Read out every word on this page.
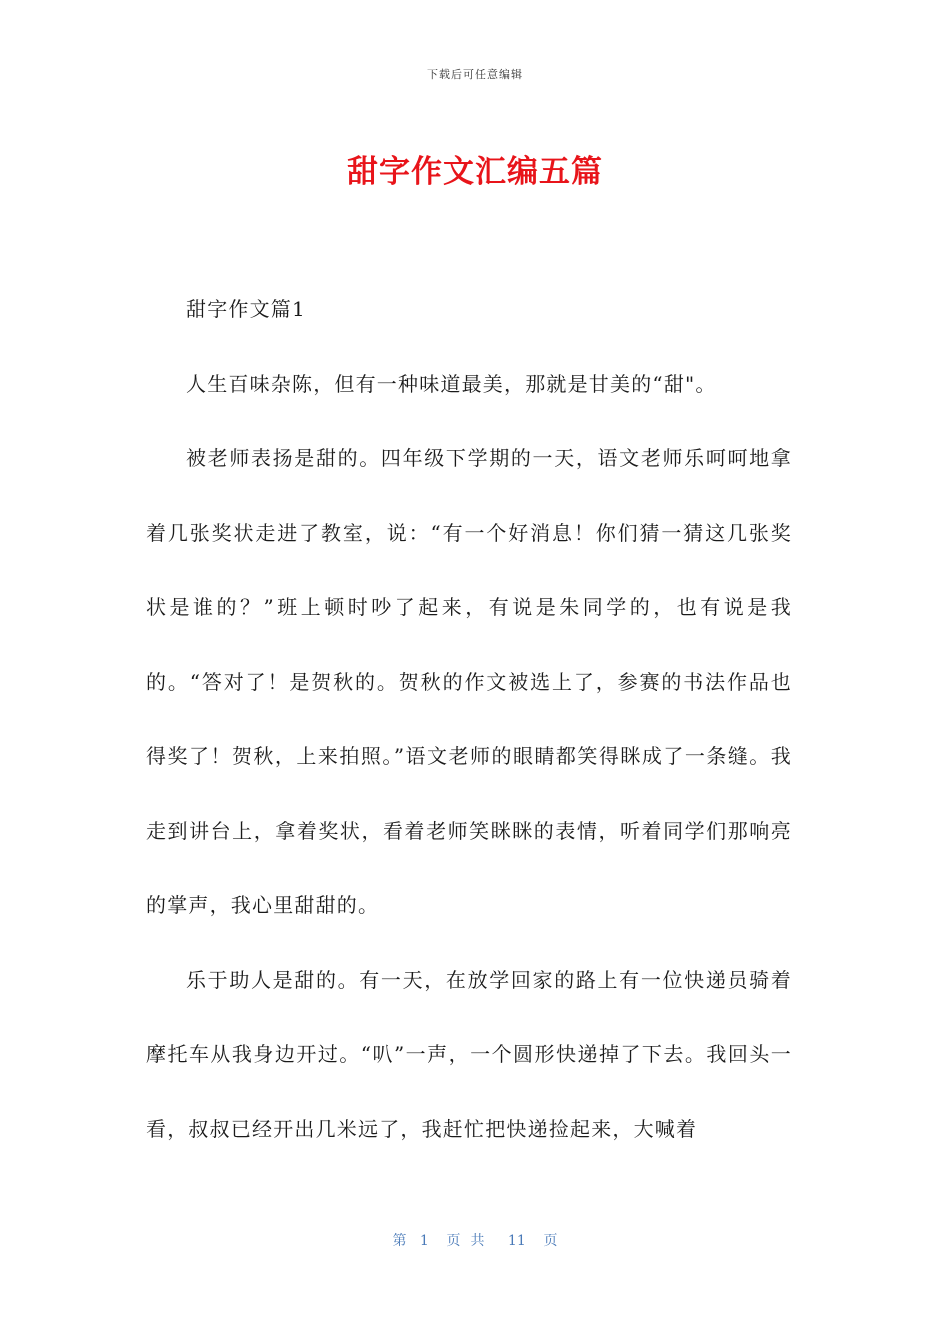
下载后可任意编辑
甜字作文汇编五篇

甜字作文篇1

人生百味杂陈，但有一种味道最美，那就是甘美的“甜"。

被老师表扬是甜的。四年级下学期的一天，语文老师乐呵呵地拿着几张奖状走进了教室，说：“有一个好消息！你们猜一猜这几张奖状是谁的？”班上顿时吵了起来，有说是朱同学的，也有说是我的。“答对了！是贺秋的。贺秋的作文被选上了，参赛的书法作品也得奖了！贺秋，上来拍照。”语文老师的眼睛都笑得眯成了一条缝。我走到讲台上，拿着奖状，看着老师笑眯眯的表情，听着同学们那响亮的掌声，我心里甜甜的。

乐于助人是甜的。有一天，在放学回家的路上有一位快递员骑着摩托车从我身边开过。“叭”一声，一个圆形快递掉了下去。我回头一看，叔叔已经开出几米远了，我赶忙把快递捡起来，大喊着

第 1 页共 11 页
